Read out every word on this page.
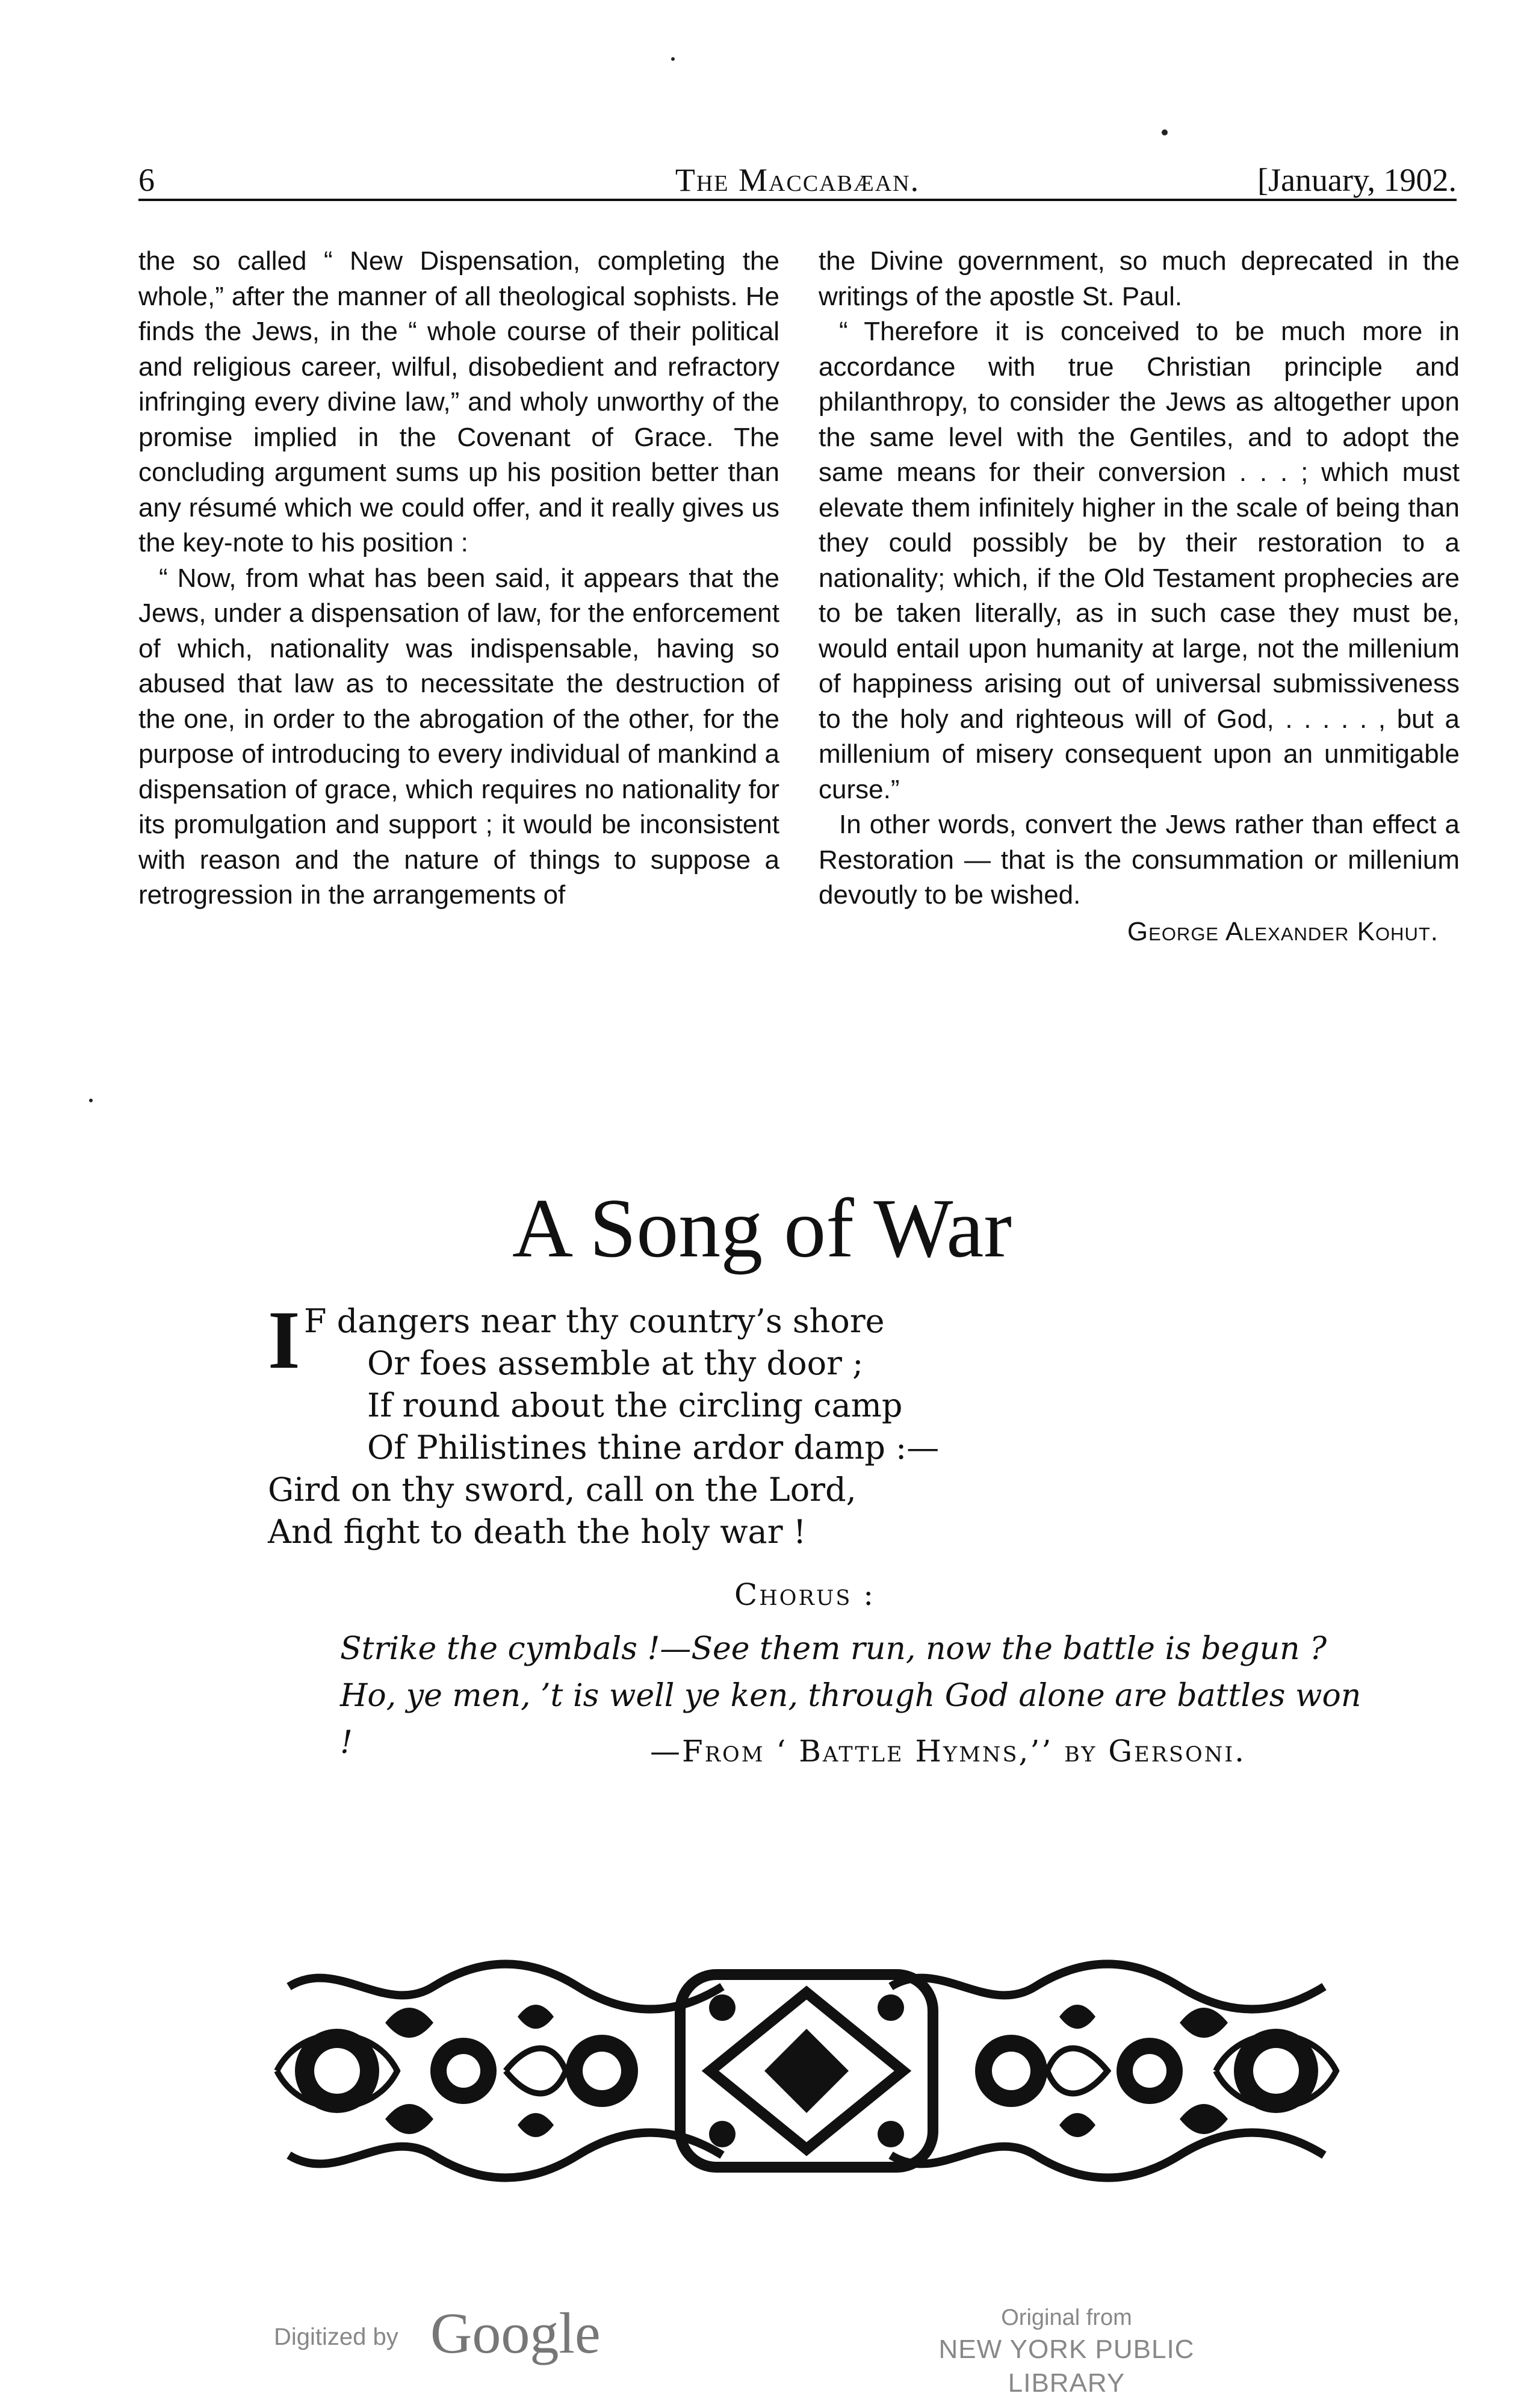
6	The Maccabæan.	[January, 1902.

the so called “ New Dispensation, completing the whole,” after the manner of all theological sophists. He finds the Jews, in the “ whole course of their political and religious career, wilful, disobedient and refractory infringing every divine law,” and wholy unworthy of the promise implied in the Covenant of Grace. The concluding argument sums up his position better than any résumé which we could offer, and it really gives us the key-note to his position :

“ Now, from what has been said, it appears that the Jews, under a dispensation of law, for the enforcement of which, nationality was indispensable, having so abused that law as to necessitate the destruction of the one, in order to the abrogation of the other, for the purpose of introducing to every individual of mankind a dispensation of grace, which requires no nationality for its promulgation and support ; it would be inconsistent with reason and the nature of things to suppose a retrogression in the arrangements of

the Divine government, so much deprecated in the writings of the apostle St. Paul.

“ Therefore it is conceived to be much more in accordance with true Christian principle and philanthropy, to consider the Jews as altogether upon the same level with the Gentiles, and to adopt the same means for their conversion . . . ; which must elevate them infinitely higher in the scale of being than they could possibly be by their restoration to a nationality; which, if the Old Testament prophecies are to be taken literally, as in such case they must be, would entail upon humanity at large, not the millenium of happiness arising out of universal submissiveness to the holy and righteous will of God, . . . . . , but a millenium of misery consequent upon an unmitigable curse.”

In other words, convert the Jews rather than effect a Restoration — that is the consummation or millenium devoutly to be wished.

George Alexander Kohut.
A Song of War
I F dangers near thy country’s shore
Or foes assemble at thy door ;
If round about the circling camp
Of Philistines thine ardor damp :—
Gird on thy sword, call on the Lord,
And fight to death the holy war !
Chorus :
Strike the cymbals !—See them run, now the battle is begun ?
Ho, ye men, ’t is well ye ken, through God alone are battles won !	—From ‘ Battle Hymns,’’ by Gersoni.
Digitized by Google	Original from
NEW YORK PUBLIC LIBRARY
